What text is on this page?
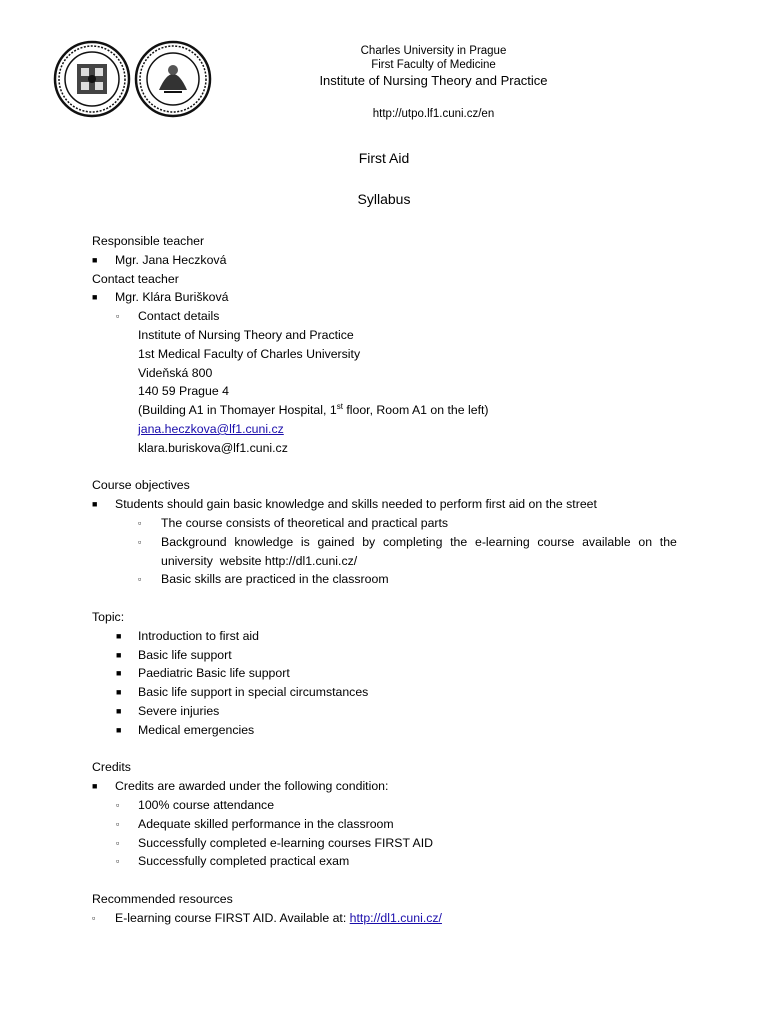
Charles University in Prague
First Faculty of Medicine
Institute of Nursing Theory and Practice
http://utpo.lf1.cuni.cz/en
First Aid
Syllabus
Responsible teacher
■ Mgr. Jana Heczková
Contact teacher
■ Mgr. Klára Burišková
▫ Contact details
Institute of Nursing Theory and Practice
1st Medical Faculty of Charles University
Videňská 800
140 59 Prague 4
(Building A1 in Thomayer Hospital, 1st floor, Room A1 on the left)
jana.heczkova@lf1.cuni.cz
klara.buriskova@lf1.cuni.cz
Course objectives
■ Students should gain basic knowledge and skills needed to perform first aid on the street
▫ The course consists of theoretical and practical parts
▫ Background knowledge is gained by completing the e-learning course available on the
university  website http://dl1.cuni.cz/
▫ Basic skills are practiced in the classroom
Topic:
■ Introduction to first aid
■ Basic life support
■ Paediatric Basic life support
■ Basic life support in special circumstances
■ Severe injuries
■ Medical emergencies
Credits
■ Credits are awarded under the following condition:
▫ 100% course attendance
▫ Adequate skilled performance in the classroom
▫ Successfully completed e-learning courses FIRST AID
▫ Successfully completed practical exam
Recommended resources
▫ E-learning course FIRST AID. Available at: http://dl1.cuni.cz/
